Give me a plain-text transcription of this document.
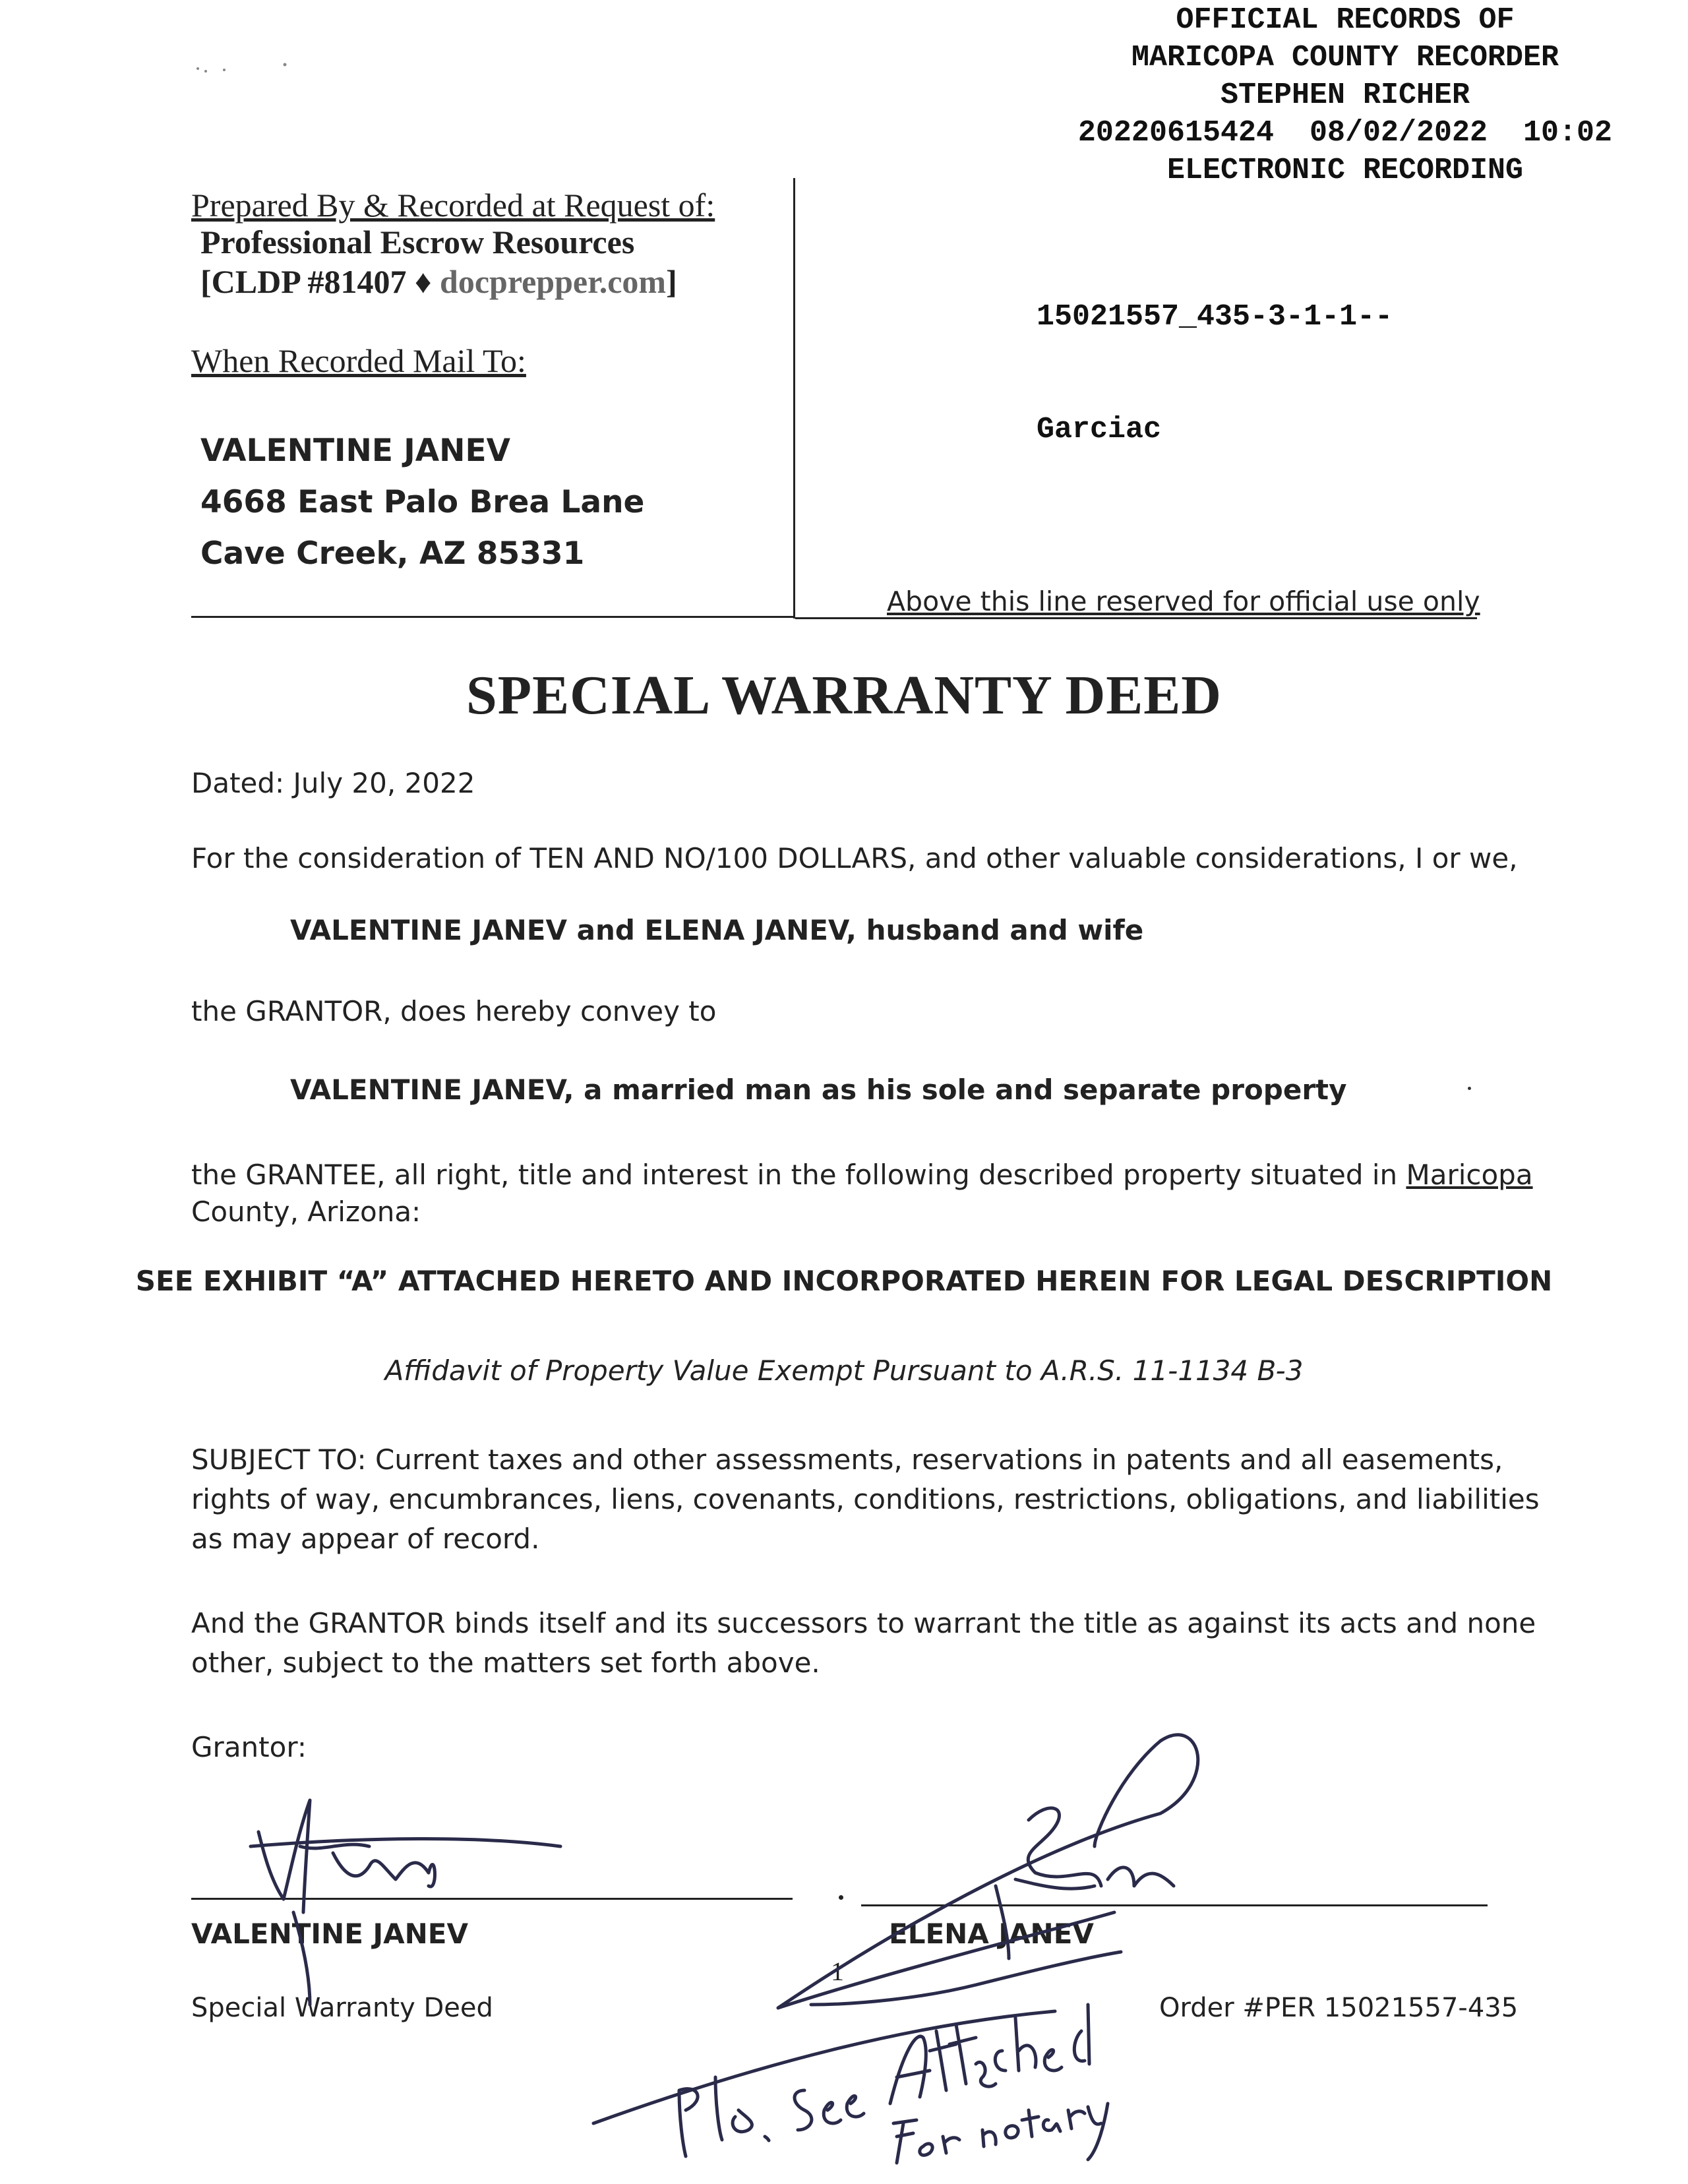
OFFICIAL RECORDS OF
MARICOPA COUNTY RECORDER
STEPHEN RICHER
20220615424  08/02/2022  10:02
ELECTRONIC RECORDING

15021557_435-3-1-1--

Garciac

Prepared By & Recorded at Request of:
Professional Escrow Resources
[CLDP #81407 ♦ docprepper.com]
When Recorded Mail To:
VALENTINE JANEV
4668 East Palo Brea Lane
Cave Creek, AZ 85331
Above this line reserved for official use only
SPECIAL WARRANTY DEED
Dated: July 20, 2022
For the consideration of TEN AND NO/100 DOLLARS, and other valuable considerations, I or we,
VALENTINE JANEV and ELENA JANEV, husband and wife
the GRANTOR, does hereby convey to
VALENTINE JANEV, a married man as his sole and separate property
the GRANTEE, all right, title and interest in the following described property situated in Maricopa
County, Arizona:
SEE EXHIBIT “A” ATTACHED HERETO AND INCORPORATED HEREIN FOR LEGAL DESCRIPTION
Affidavit of Property Value Exempt Pursuant to A.R.S. 11-1134 B-3
SUBJECT TO: Current taxes and other assessments, reservations in patents and all easements,
rights of way, encumbrances, liens, covenants, conditions, restrictions, obligations, and liabilities
as may appear of record.
And the GRANTOR binds itself and its successors to warrant the title as against its acts and none
other, subject to the matters set forth above.
Grantor:
VALENTINE JANEV	ELENA JANEV
1
Special Warranty Deed	Order #PER 15021557-435
